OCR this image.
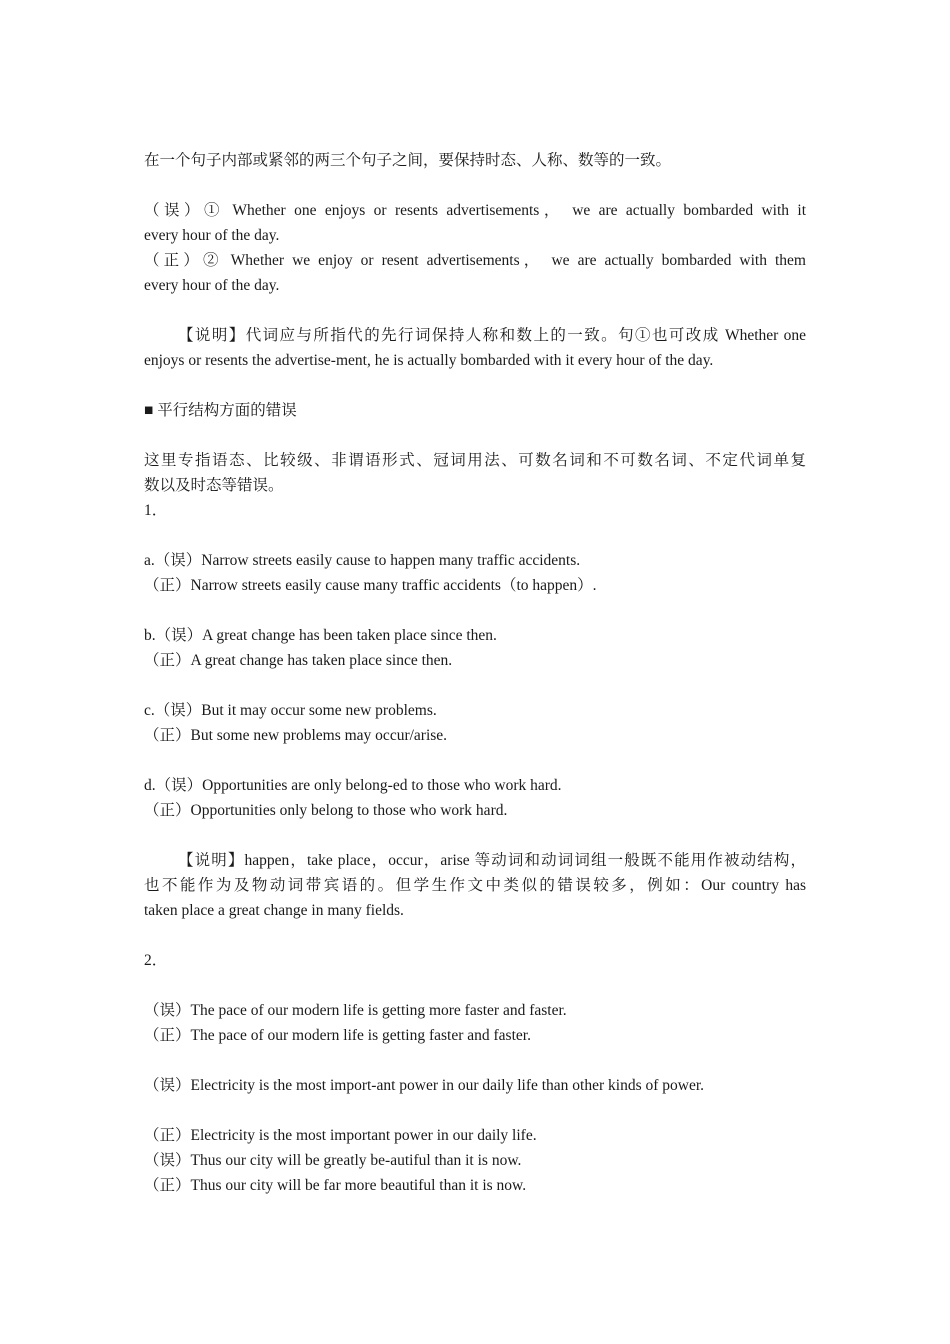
在一个句子内部或紧邻的两三个句子之间，要保持时态、人称、数等的一致。
（误）① Whether one enjoys or resents advertisements， we are actually bombarded with it
every hour of the day.
（正）② Whether we enjoy or resent advertisements， we are actually bombarded with them
every hour of the day.
【说明】代词应与所指代的先行词保持人称和数上的一致。句①也可改成 Whether one
enjoys or resents the advertise-ment, he is actually bombarded with it every hour of the day.
■ 平行结构方面的错误
这里专指语态、比较级、非谓语形式、冠词用法、可数名词和不可数名词、不定代词单复
数以及时态等错误。
1．
a.（误）Narrow streets easily cause to happen many traffic accidents.
（正）Narrow streets easily cause many traffic accidents（to happen）.
b.（误）A great change has been taken place since then.
（正）A great change has taken place since then.
c.（误）But it may occur some new problems.
（正）But some new problems may occur/arise.
d.（误）Opportunities are only belong-ed to those who work hard.
（正）Opportunities only belong to those who work hard.
【说明】happen，take place，occur，arise 等动词和动词词组一般既不能用作被动结构，
也不能作为及物动词带宾语的。但学生作文中类似的错误较多，例如：Our country has
taken place a great change in many fields.
2．
（误）The pace of our modern life is getting more faster and faster.
（正）The pace of our modern life is getting faster and faster.
（误）Electricity is the most import-ant power in our daily life than other kinds of power.
（正）Electricity is the most important power in our daily life.
（误）Thus our city will be greatly be-autiful than it is now.
（正）Thus our city will be far more beautiful than it is now.
